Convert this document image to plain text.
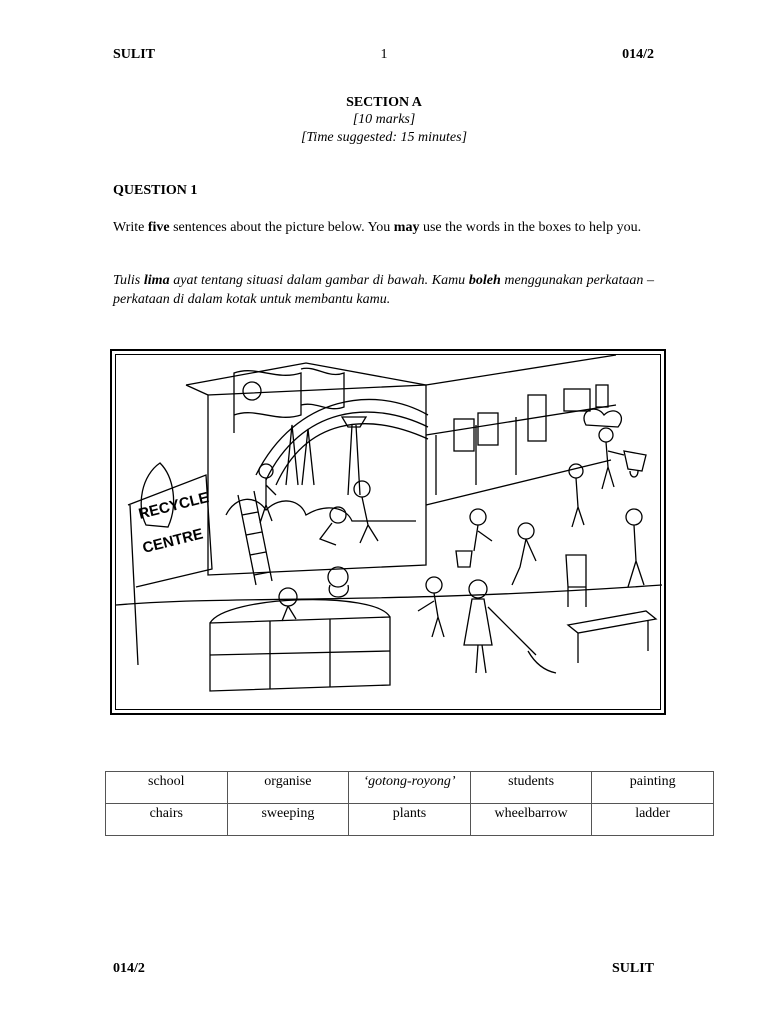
SULIT	1	014/2
SECTION A
[10 marks]
[Time suggested: 15 minutes]
QUESTION 1
Write five sentences about the picture below. You may use the words in the boxes to help you.
Tulis lima ayat tentang situasi dalam gambar di bawah. Kamu boleh menggunakan perkataan –perkataan di dalam kotak untuk membantu kamu.
RECYCLE
CENTRE
school	organise	‘gotong-royong’	students	painting
chairs	sweeping	plants	wheelbarrow	ladder
014/2	SULIT
